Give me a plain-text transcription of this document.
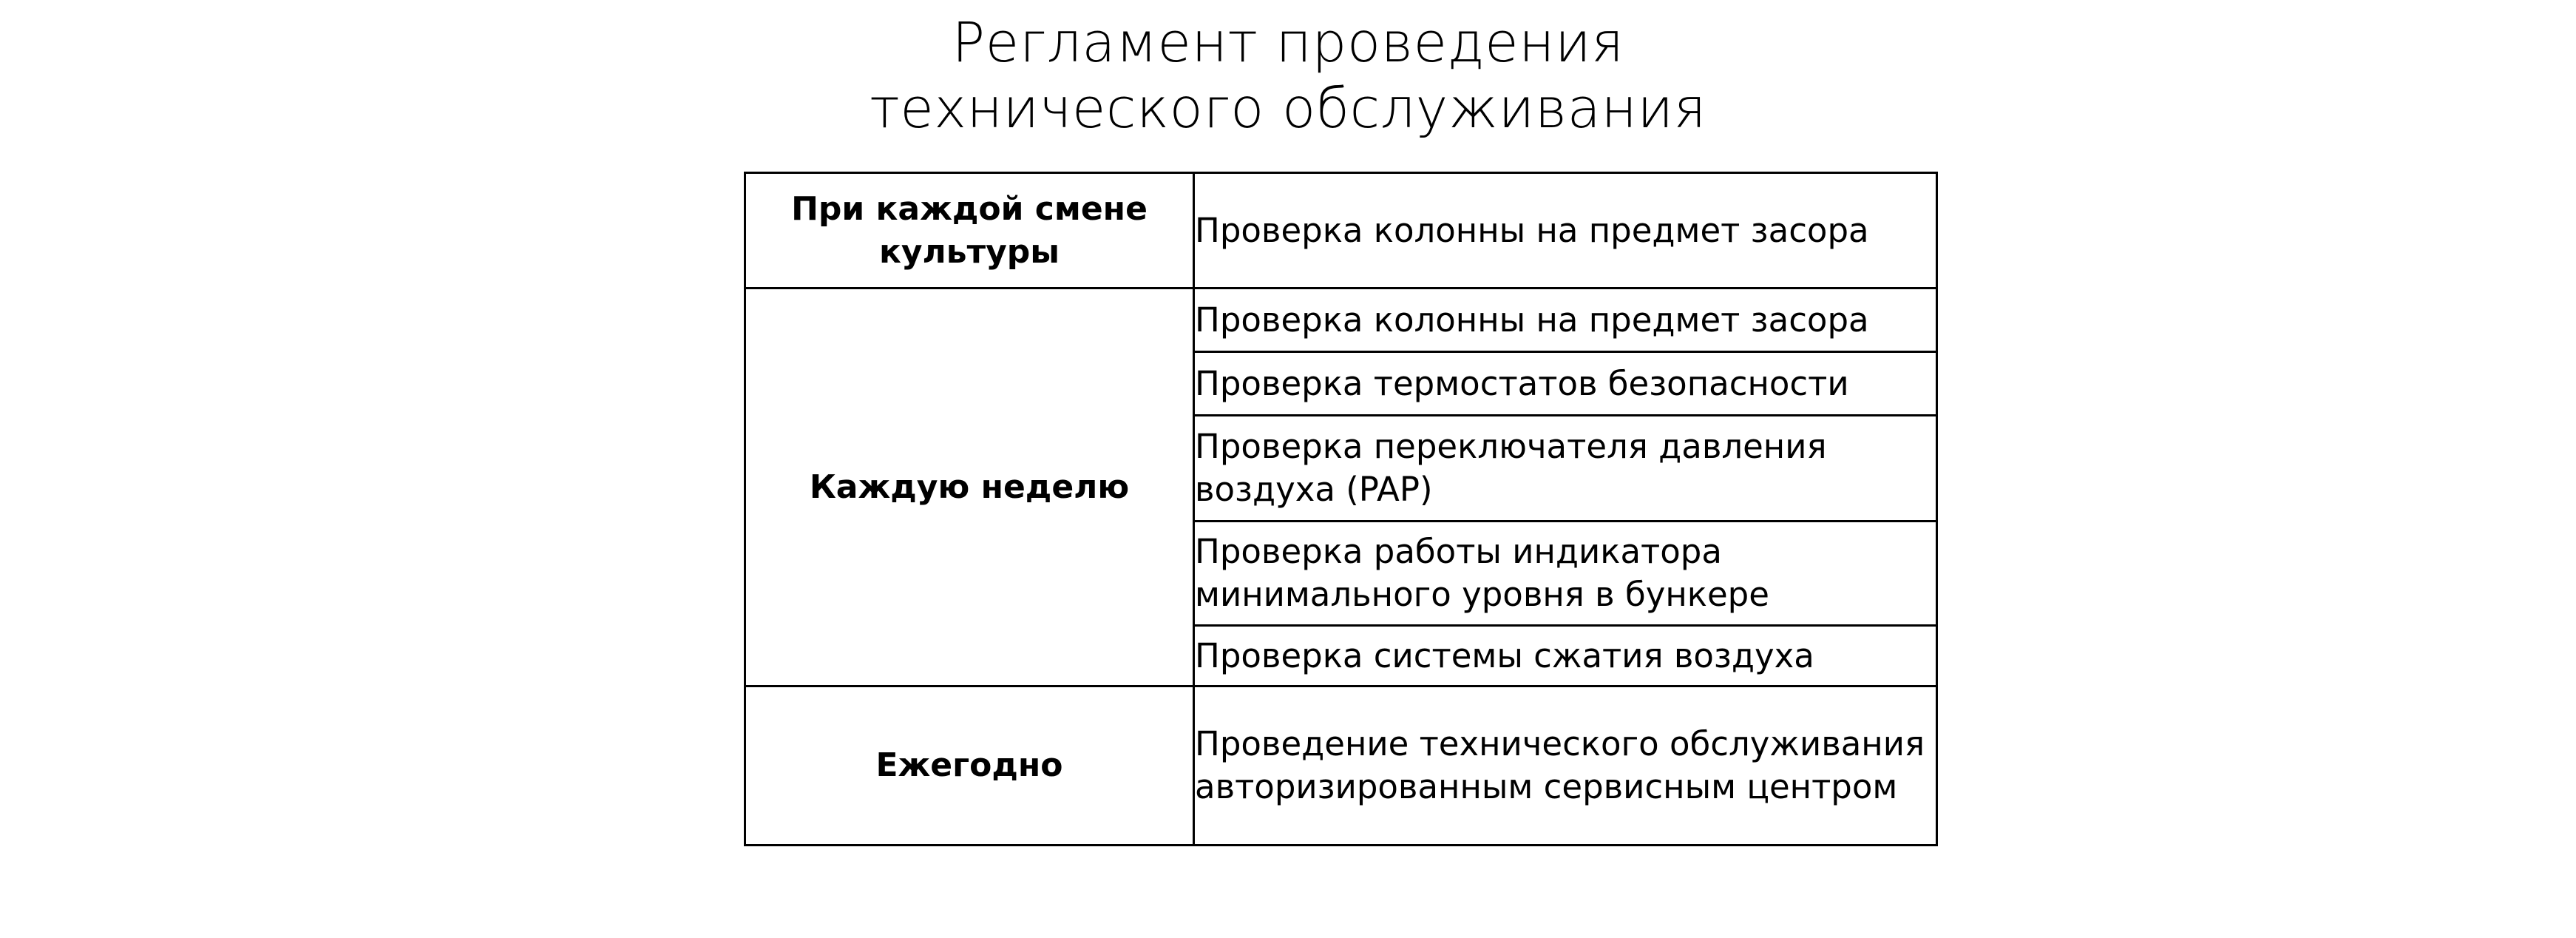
Регламент проведения
технического обслуживания
При каждой смене культуры	Проверка колонны на предмет засора
Каждую неделю	Проверка колонны на предмет засора
	Проверка термостатов безопасности
	Проверка переключателя давления воздуха (PAP)
	Проверка работы индикатора минимального уровня в бункере
	Проверка системы сжатия воздуха
Ежегодно	Проведение технического обслуживания авторизированным сервисным центром
